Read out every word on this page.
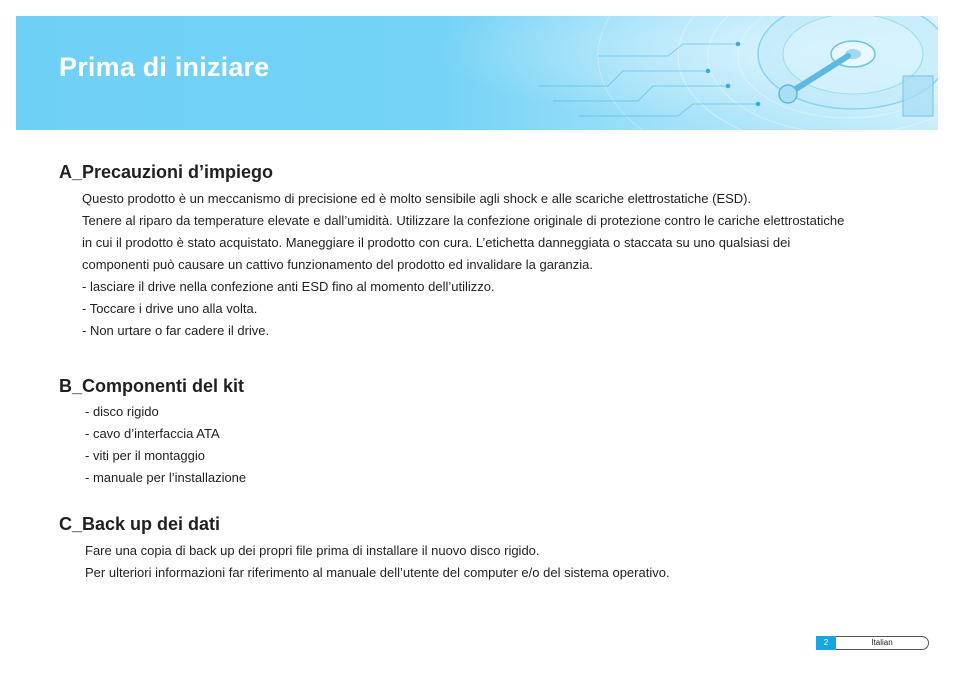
Prima di iniziare
A_Precauzioni d’impiego
Questo prodotto è un meccanismo di precisione ed è molto sensibile agli shock e alle scariche elettrostatiche (ESD).
Tenere al riparo da temperature elevate e dall’umidità. Utilizzare la confezione originale di protezione contro le cariche elettrostatiche
in cui il prodotto è stato acquistato. Maneggiare il prodotto con cura. L’etichetta danneggiata o staccata su uno qualsiasi dei
componenti può causare un cattivo funzionamento del prodotto ed invalidare la garanzia.
- lasciare il drive nella confezione anti ESD fino al momento dell’utilizzo.
- Toccare i drive uno alla volta.
- Non urtare o far cadere il drive.
B_Componenti del kit
- disco rigido
- cavo d’interfaccia ATA
- viti per il montaggio
- manuale per l’installazione
C_Back up dei dati
Fare una copia di back up dei propri file prima di installare il nuovo disco rigido.
Per ulteriori informazioni far riferimento al manuale dell’utente del computer e/o del sistema operativo.
2	Italian
